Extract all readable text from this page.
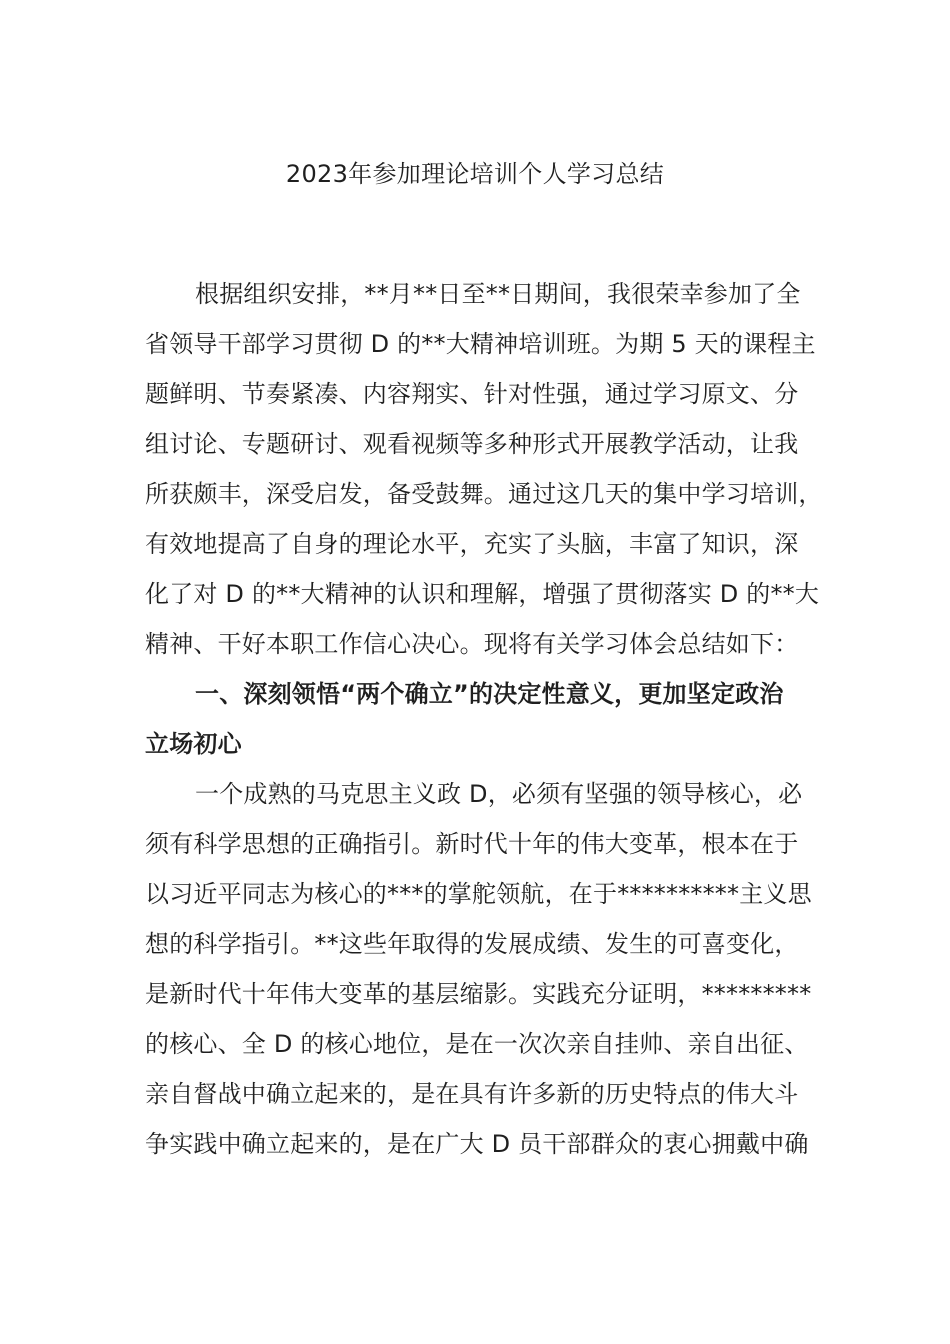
2023年参加理论培训个人学习总结
根据组织安排，**月**日至**日期间，我很荣幸参加了全
省领导干部学习贯彻 D 的**大精神培训班。为期 5 天的课程主
题鲜明、节奏紧凑、内容翔实、针对性强，通过学习原文、分
组讨论、专题研讨、观看视频等多种形式开展教学活动，让我
所获颇丰，深受启发，备受鼓舞。通过这几天的集中学习培训，
有效地提高了自身的理论水平，充实了头脑，丰富了知识，深
化了对 D 的**大精神的认识和理解，增强了贯彻落实 D 的**大
精神、干好本职工作信心决心。现将有关学习体会总结如下：
一、深刻领悟“两个确立”的决定性意义，更加坚定政治
立场初心
一个成熟的马克思主义政 D，必须有坚强的领导核心，必
须有科学思想的正确指引。新时代十年的伟大变革，根本在于
以习近平同志为核心的***的掌舵领航，在于**********主义思
想的科学指引。**这些年取得的发展成绩、发生的可喜变化，
是新时代十年伟大变革的基层缩影。实践充分证明，*********
的核心、全 D 的核心地位，是在一次次亲自挂帅、亲自出征、
亲自督战中确立起来的，是在具有许多新的历史特点的伟大斗
争实践中确立起来的，是在广大 D 员干部群众的衷心拥戴中确
